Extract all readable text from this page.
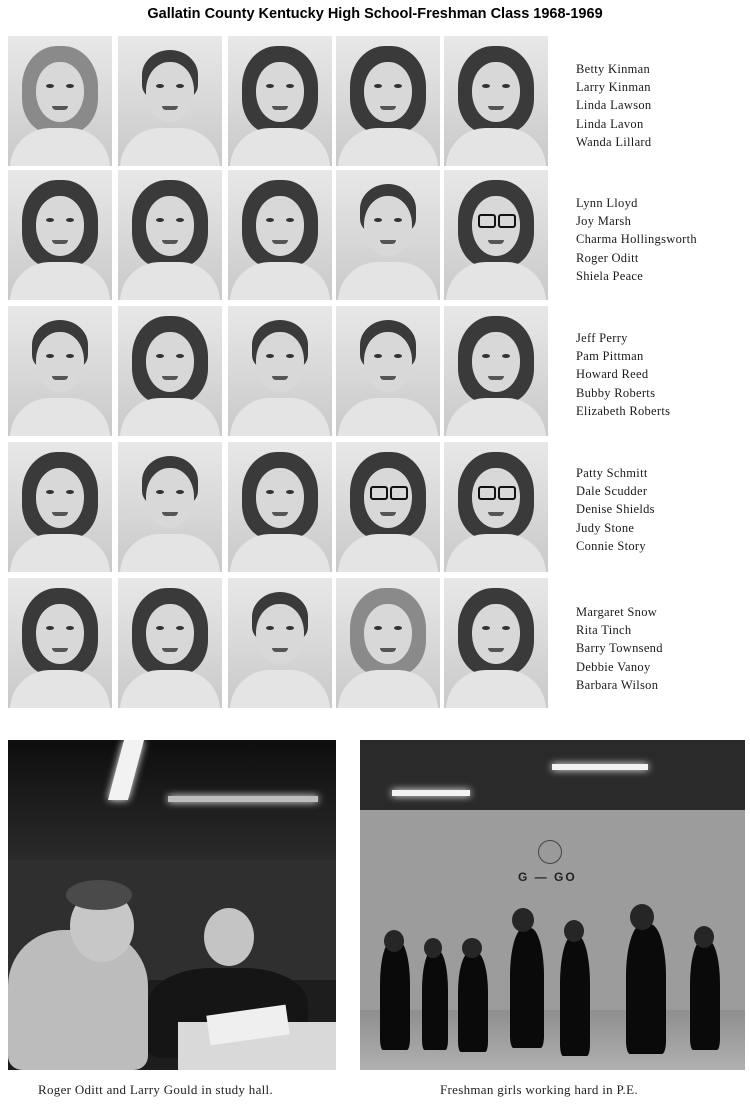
Gallatin County Kentucky High School-Freshman Class 1968-1969
Betty Kinman
Larry Kinman
Linda Lawson
Linda Lavon
Wanda Lillard
Lynn Lloyd
Joy Marsh
Charma Hollingsworth
Roger Oditt
Shiela Peace
Jeff Perry
Pam Pittman
Howard Reed
Bubby Roberts
Elizabeth Roberts
Patty Schmitt
Dale Scudder
Denise Shields
Judy Stone
Connie Story
Margaret Snow
Rita Tinch
Barry Townsend
Debbie Vanoy
Barbara Wilson
G — GO
Roger Oditt and Larry Gould in study hall.	Freshman girls working hard in P.E.
